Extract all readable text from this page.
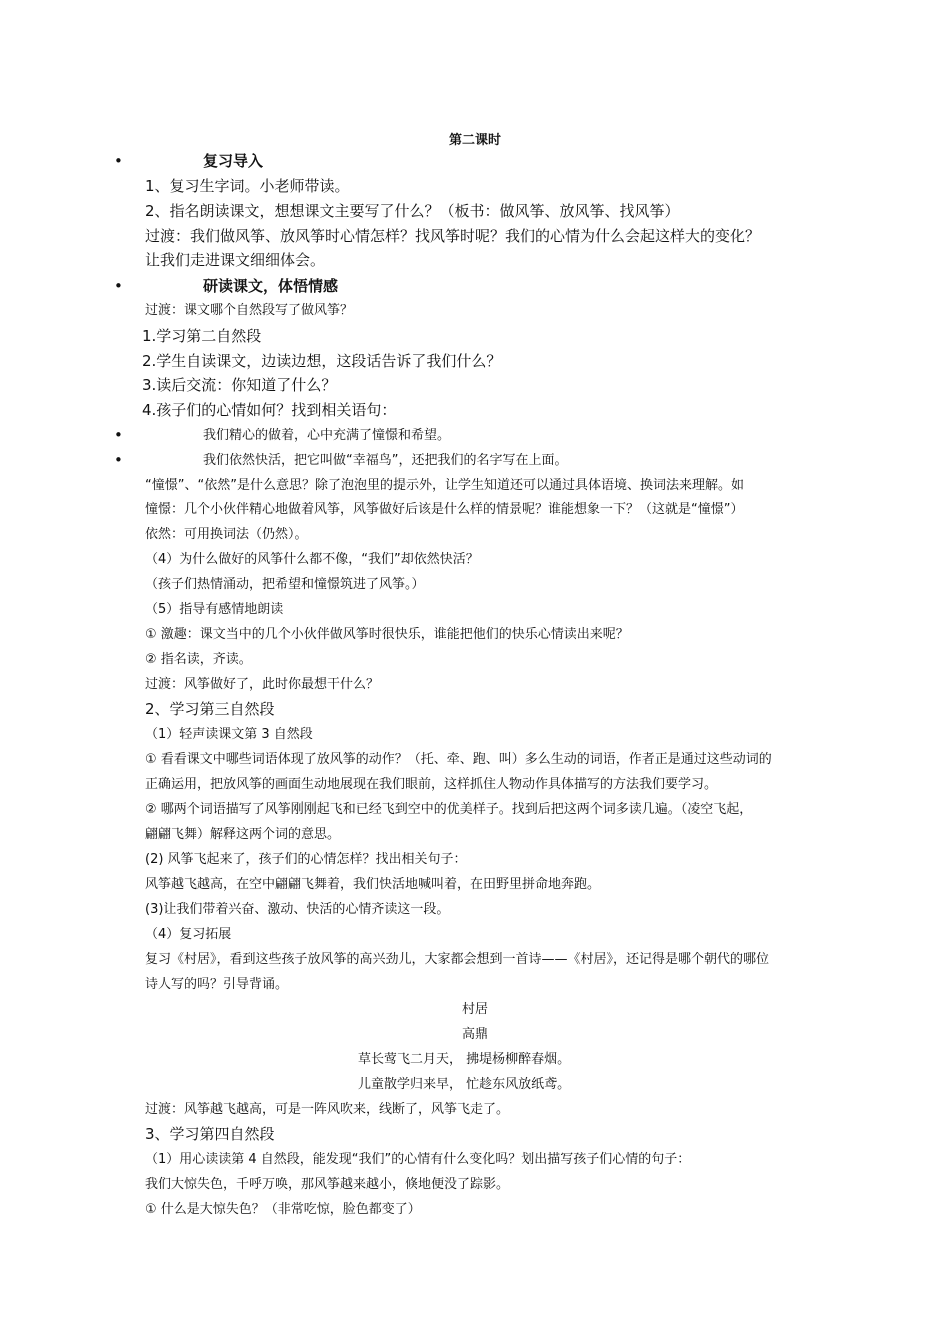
第二课时
•	复习导入
1、复习生字词。小老师带读。
2、指名朗读课文，想想课文主要写了什么？（板书：做风筝、放风筝、找风筝）
过渡：我们做风筝、放风筝时心情怎样？找风筝时呢？我们的心情为什么会起这样大的变化？
让我们走进课文细细体会。
•	研读课文，体悟情感
过渡：课文哪个自然段写了做风筝？
1.学习第二自然段
2.学生自读课文，边读边想，这段话告诉了我们什么？
3.读后交流：你知道了什么？
4.孩子们的心情如何？找到相关语句：
•	我们精心的做着，心中充满了憧憬和希望。
•	我们依然快活，把它叫做“幸福鸟”，还把我们的名字写在上面。
“憧憬”、“依然”是什么意思？除了泡泡里的提示外，让学生知道还可以通过具体语境、换词法来理解。如
憧憬：几个小伙伴精心地做着风筝，风筝做好后该是什么样的情景呢？谁能想象一下？（这就是“憧憬”）
依然：可用换词法（仍然）。
（4）为什么做好的风筝什么都不像，“我们”却依然快活？
（孩子们热情涌动，把希望和憧憬筑进了风筝。）
（5）指导有感情地朗读
① 激趣：课文当中的几个小伙伴做风筝时很快乐，谁能把他们的快乐心情读出来呢？
② 指名读，齐读。
过渡：风筝做好了，此时你最想干什么？
2、学习第三自然段
（1）轻声读课文第 3 自然段
① 看看课文中哪些词语体现了放风筝的动作？（托、牵、跑、叫）多么生动的词语，作者正是通过这些动词的
正确运用，把放风筝的画面生动地展现在我们眼前，这样抓住人物动作具体描写的方法我们要学习。
② 哪两个词语描写了风筝刚刚起飞和已经飞到空中的优美样子。找到后把这两个词多读几遍。（凌空飞起，
翩翩飞舞）解释这两个词的意思。
(2) 风筝飞起来了，孩子们的心情怎样？找出相关句子：
风筝越飞越高，在空中翩翩飞舞着，我们快活地喊叫着，在田野里拼命地奔跑。
(3)让我们带着兴奋、激动、快活的心情齐读这一段。
（4）复习拓展
复习《村居》，看到这些孩子放风筝的高兴劲儿，大家都会想到一首诗——《村居》，还记得是哪个朝代的哪位
诗人写的吗？引导背诵。
村居
高鼎
草长莺飞二月天， 拂堤杨柳醉春烟。
儿童散学归来早， 忙趁东风放纸鸢。
过渡：风筝越飞越高，可是一阵风吹来，线断了，风筝飞走了。
3、学习第四自然段
（1）用心读读第 4 自然段，能发现“我们”的心情有什么变化吗？划出描写孩子们心情的句子：
我们大惊失色，千呼万唤，那风筝越来越小，倏地便没了踪影。
① 什么是大惊失色？（非常吃惊，脸色都变了）
